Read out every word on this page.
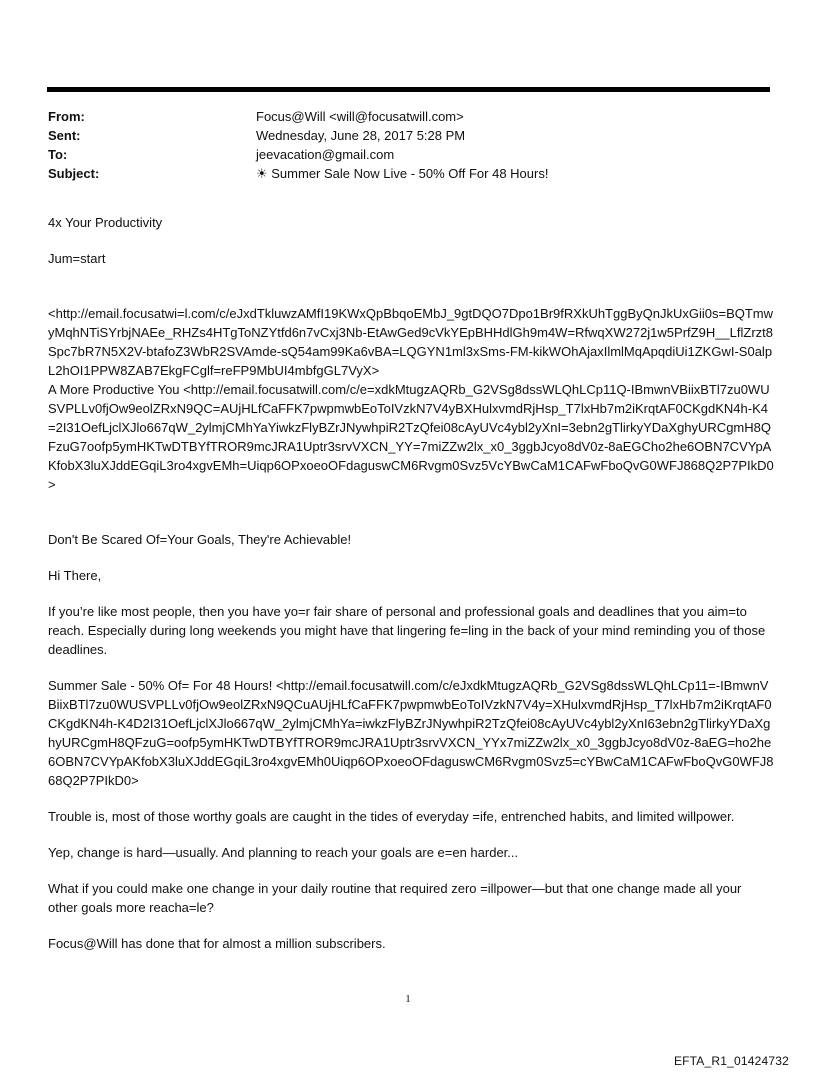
From:	Focus@Will <will@focusatwill.com>
Sent:	Wednesday, June 28, 2017 5:28 PM
To:	jeevacation@gmail.com
Subject:	☀ Summer Sale Now Live - 50% Off For 48 Hours!

4x Your Productivity

Jum=start

<http://email.focusatwi=l.com/c/eJxdTkluwzAMfI19KWxQpBbqoEMbJ_9gtDQO7Dpo1Br9fRXkUhTggByQnJkUxGii0s=BQTmwyMqhNTiSYrbjNAEe_RHZs4HTgToNZYtfd6n7vCxj3Nb-EtAwGed9cVkYEpBHHdlGh9m4W=RfwqXW272j1w5PrfZ9H__LflZrzt8Spc7bR7N5X2V-btafoZ3WbR2SVAmde-sQ54am99Ka6vBA=LQGYN1ml3xSms-FM-kikWOhAjaxIlmlMqApqdiUi1ZKGwI-S0alpL2hOI1PPW8ZAB7EkgFCglf=reFP9MbUI4mbfgGL7VyX>

A More Productive You <http://email.focusatwill.com/c/e=xdkMtugzAQRb_G2VSg8dssWLQhLCp11Q-IBmwnVBiixBTl7zu0WUSVPLLv0fjOw9eolZRxN9QC=AUjHLfCaFFK7pwpmwbEoToIVzkN7V4yBXHulxvmdRjHsp_T7lxHb7m2iKrqtAF0CKgdKN4h-K4=2I31OefLjclXJlo667qW_2ylmjCMhYaYiwkzFlyBZrJNywhpiR2TzQfei08cAyUVc4ybl2yXnI=3ebn2gTlirkyYDaXghyURCgmH8QFzuG7oofp5ymHKTwDTBYfTROR9mcJRA1Uptr3srvVXCN_YY=7miZZw2lx_x0_3ggbJcyo8dV0z-8aEGCho2he6OBN7CVYpAKfobX3luXJddEGqiL3ro4xgvEMh=Uiqp6OPxoeoOFdaguswCM6Rvgm0Svz5VcYBwCaM1CAFwFboQvG0WFJ868Q2P7PIkD0>

Don't Be Scared Of=Your Goals, They're Achievable!

Hi There,

If you’re like most people, then you have yo=r fair share of personal and professional goals and deadlines that you aim=to reach. Especially during long weekends you might have that lingering fe=ling in the back of your mind reminding you of those deadlines.

Summer Sale - 50% Of= For 48 Hours! <http://email.focusatwill.com/c/eJxdkMtugzAQRb_G2VSg8dssWLQhLCp11=-IBmwnVBiixBTl7zu0WUSVPLLv0fjOw9eolZRxN9QCuAUjHLfCaFFK7pwpmwbEoToIVzkN7V4y=XHulxvmdRjHsp_T7lxHb7m2iKrqtAF0CKgdKN4h-K4D2I31OefLjclXJlo667qW_2ylmjCMhYa=iwkzFlyBZrJNywhpiR2TzQfei08cAyUVc4ybl2yXnI63ebn2gTlirkyYDaXghyURCgmH8QFzuG=oofp5ymHKTwDTBYfTROR9mcJRA1Uptr3srvVXCN_YYx7miZZw2lx_x0_3ggbJcyo8dV0z-8aEG=ho2he6OBN7CVYpAKfobX3luXJddEGqiL3ro4xgvEMh0Uiqp6OPxoeoOFdaguswCM6Rvgm0Svz5=cYBwCaM1CAFwFboQvG0WFJ868Q2P7PIkD0>

Trouble is, most of those worthy goals are caught in the tides of everyday =ife, entrenched habits, and limited willpower.

Yep, change is hard—usually. And planning to reach your goals are e=en harder...

What if you could make one change in your daily routine that required zero =illpower—but that one change made all your other goals more reacha=le?

Focus@Will has done that for almost a million subscribers.

1
EFTA_R1_01424732
